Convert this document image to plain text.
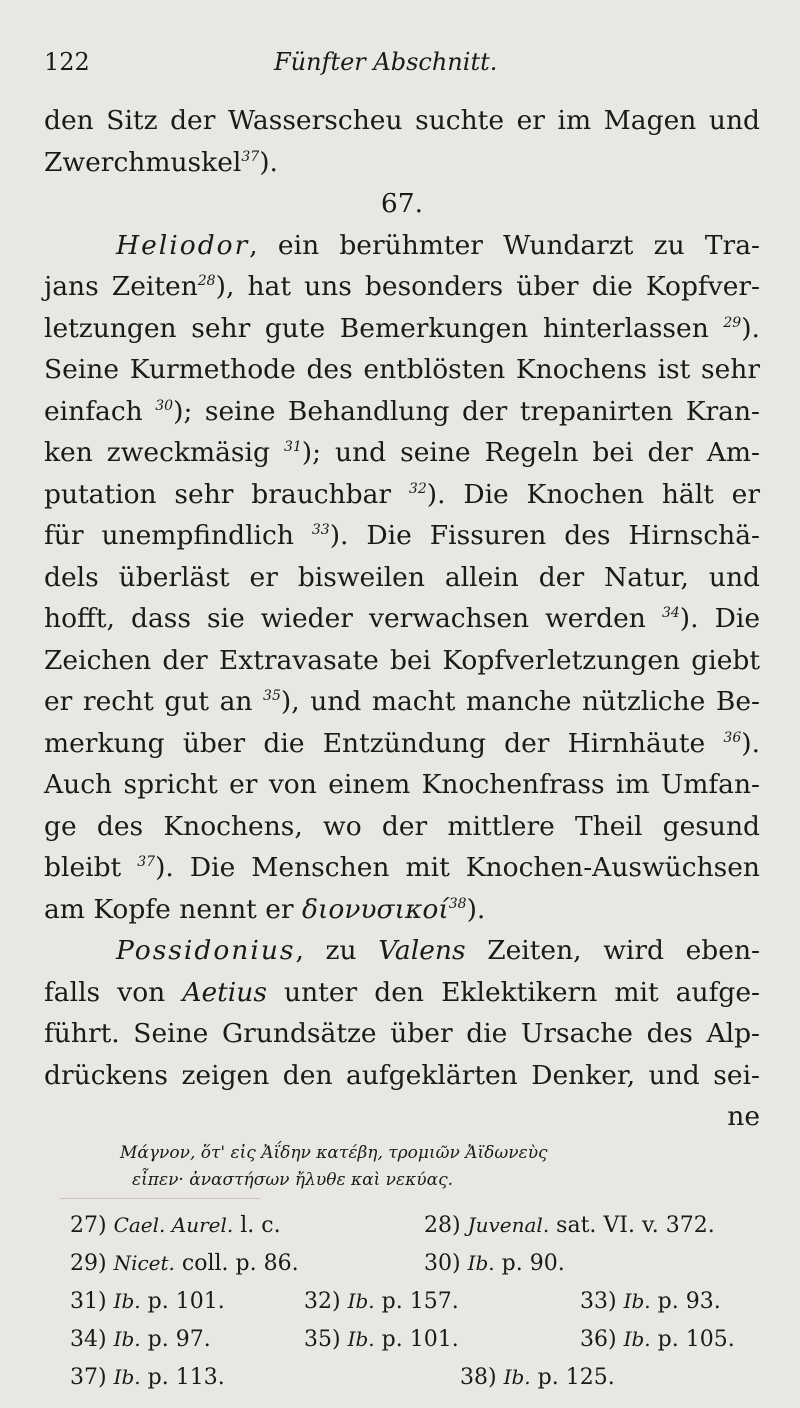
122	Fünfter Abschnitt.
den Sitz der Wasserscheu suchte er im Magen und
Zwerchmuskel$^{37}$).
67.
Heliodor, ein berühmter Wundarzt zu Tra-
jans Zeiten$^{28}$), hat uns besonders über die Kopfver-
letzungen sehr gute Bemerkungen hinterlassen $^{29}$).
Seine Kurmethode des entblösten Knochens ist sehr
einfach $^{30}$); seine Behandlung der trepanirten Kran-
ken zweckmäsig $^{31}$); und seine Regeln bei der Am-
putation sehr brauchbar $^{32}$). Die Knochen hält er
für unempfindlich $^{33}$). Die Fissuren des Hirnschä-
dels überläst er bisweilen allein der Natur, und
hofft, dass sie wieder verwachsen werden $^{34}$). Die
Zeichen der Extravasate bei Kopfverletzungen giebt
er recht gut an $^{35}$), und macht manche nützliche Be-
merkung über die Entzündung der Hirnhäute $^{36}$).
Auch spricht er von einem Knochenfrass im Umfan-
ge des Knochens, wo der mittlere Theil gesund
bleibt $^{37}$). Die Menschen mit Knochen-Auswüchsen
am Kopfe nennt er διονυσικοί$^{38}$).
Possidonius, zu Valens Zeiten, wird eben-
falls von Aetius unter den Eklektikern mit aufge-
führt. Seine Grundsätze über die Ursache des Alp-
drückens zeigen den aufgeklärten Denker, und sei-
ne
Μάγνον, ὅτ' εἰς Ἀΐδην κατέβη, τρομιῶν Ἀϊδωνεὺς
εἶπεν· ἀναστήσων ἤλυθε καὶ νεκύας.
27) Cael. Aurel. l. c.	28) Juvenal. sat. VI. v. 372.
29) Nicet. coll. p. 86.	30) Ib. p. 90.
31) Ib. p. 101.	32) Ib. p. 157.	33) Ib. p. 93.
34) Ib. p. 97.	35) Ib. p. 101.	36) Ib. p. 105.
37) Ib. p. 113.	38) Ib. p. 125.
